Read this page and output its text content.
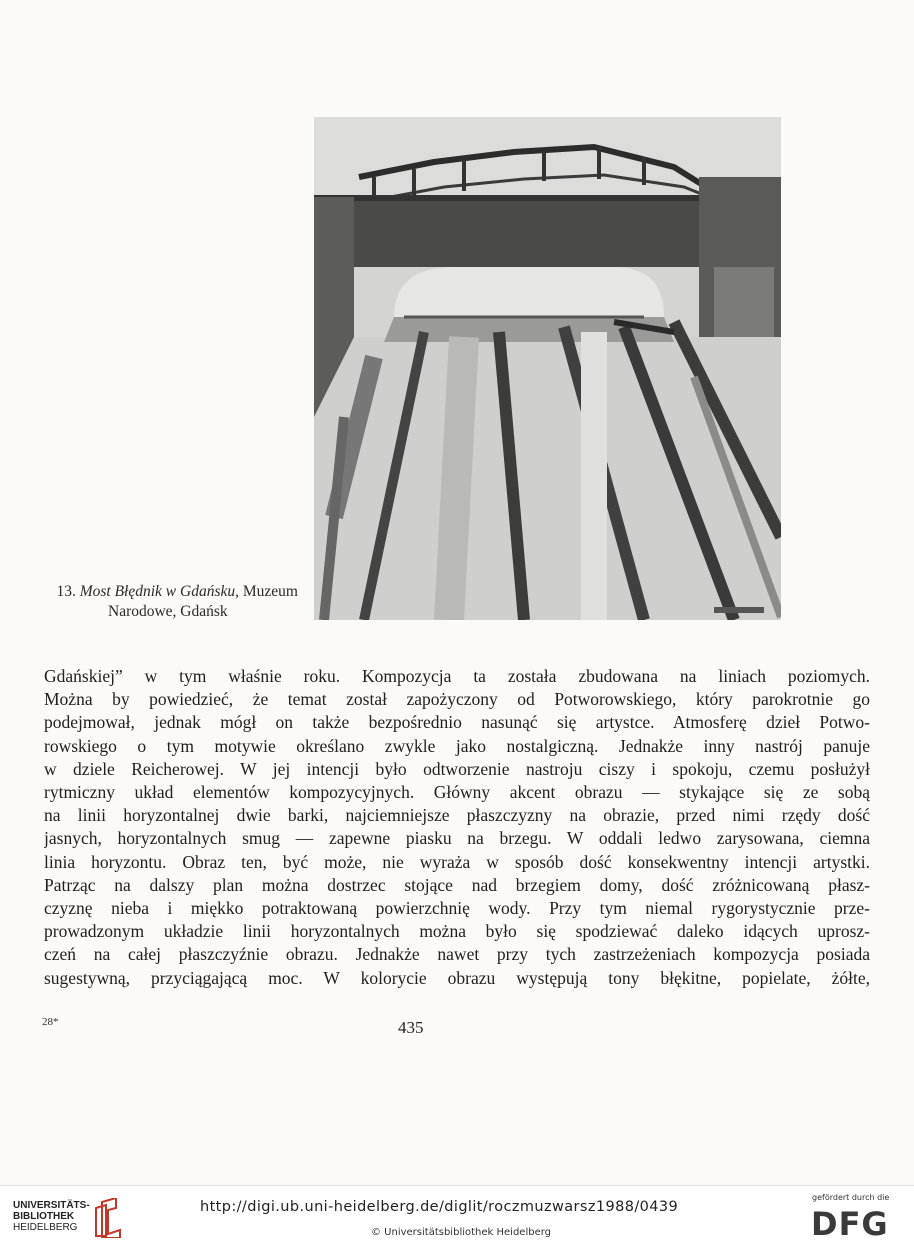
13. Most Błędnik w Gdańsku, Muzeum
Narodowe, Gdańsk
Gdańskiej” w tym właśnie roku. Kompozycja ta została zbudowana na liniach poziomych.
Można by powiedzieć, że temat został zapożyczony od Potworowskiego, który parokrotnie go
podejmował, jednak mógł on także bezpośrednio nasunąć się artystce. Atmosferę dzieł Potwo-
rowskiego o tym motywie określano zwykle jako nostalgiczną. Jednakże inny nastrój panuje
w dziele Reicherowej. W jej intencji było odtworzenie nastroju ciszy i spokoju, czemu posłużył
rytmiczny układ elementów kompozycyjnych. Główny akcent obrazu — stykające się ze sobą
na linii horyzontalnej dwie barki, najciemniejsze płaszczyzny na obrazie, przed nimi rzędy dość
jasnych, horyzontalnych smug — zapewne piasku na brzegu. W oddali ledwo zarysowana, ciemna
linia horyzontu. Obraz ten, być może, nie wyraża w sposób dość konsekwentny intencji artystki.
Patrząc na dalszy plan można dostrzec stojące nad brzegiem domy, dość zróżnicowaną płasz-
czyznę nieba i miękko potraktowaną powierzchnię wody. Przy tym niemal rygorystycznie prze-
prowadzonym układzie linii horyzontalnych można było się spodziewać daleko idących uprosz-
czeń na całej płaszczyźnie obrazu. Jednakże nawet przy tych zastrzeżeniach kompozycja posiada
sugestywną, przyciągającą moc. W kolorycie obrazu występują tony błękitne, popielate, żółte,
28*	435
UNIVERSITÄTS-
BIBLIOTHEK
HEIDELBERG
http://digi.ub.uni-heidelberg.de/diglit/roczmuzwarsz1988/0439
© Universitätsbibliothek Heidelberg
gefördert durch die
DFG
